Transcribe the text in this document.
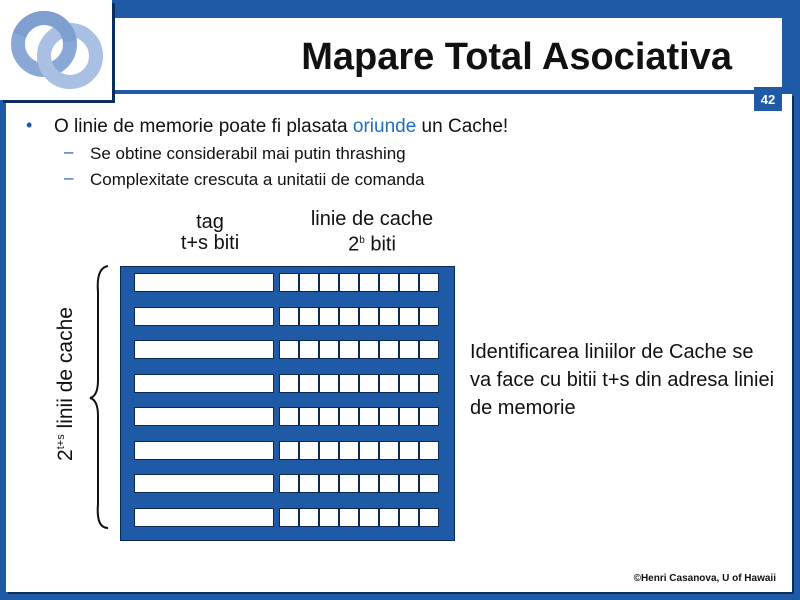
Mapare Total Asociativa
42
• O linie de memorie poate fi plasata oriunde un Cache!
– Se obtine considerabil mai putin thrashing
– Complexitate crescuta a unitatii de comanda
tag
t+s biti
linie de cache
2$^b$ biti
$2^{t+s}$ linii de cache	Identificarea liniilor de Cache se va face cu bitii t+s din adresa liniei de memorie
©Henri Casanova, U of Hawaii
